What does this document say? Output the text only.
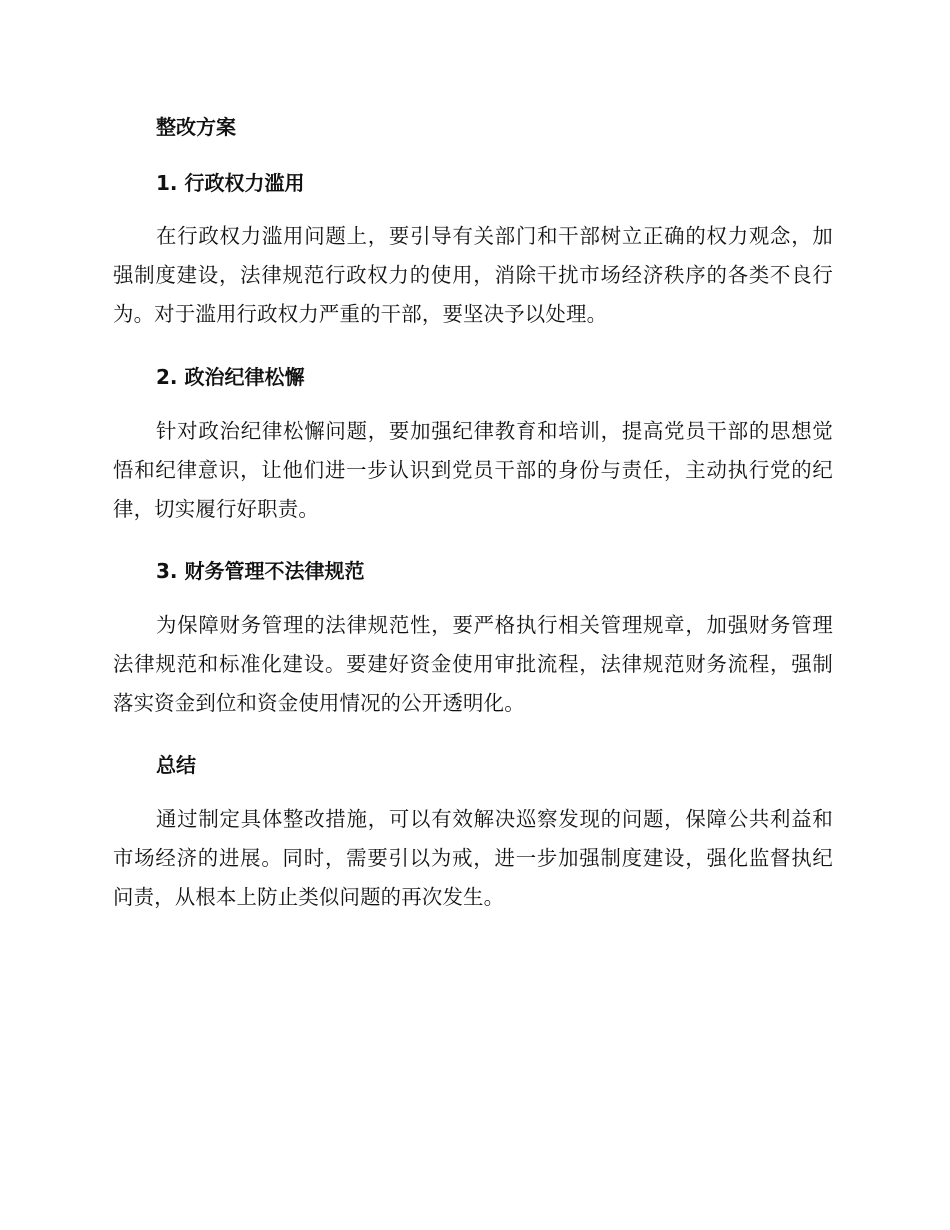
整改方案
1. 行政权力滥用

在行政权力滥用问题上，要引导有关部门和干部树立正确的权力观念，加强制度建设，法律规范行政权力的使用，消除干扰市场经济秩序的各类不良行为。对于滥用行政权力严重的干部，要坚决予以处理。

2. 政治纪律松懈

针对政治纪律松懈问题，要加强纪律教育和培训，提高党员干部的思想觉悟和纪律意识，让他们进一步认识到党员干部的身份与责任，主动执行党的纪律，切实履行好职责。

3. 财务管理不法律规范

为保障财务管理的法律规范性，要严格执行相关管理规章，加强财务管理法律规范和标准化建设。要建好资金使用审批流程，法律规范财务流程，强制落实资金到位和资金使用情况的公开透明化。

总结

通过制定具体整改措施，可以有效解决巡察发现的问题，保障公共利益和市场经济的进展。同时，需要引以为戒，进一步加强制度建设，强化监督执纪问责，从根本上防止类似问题的再次发生。
